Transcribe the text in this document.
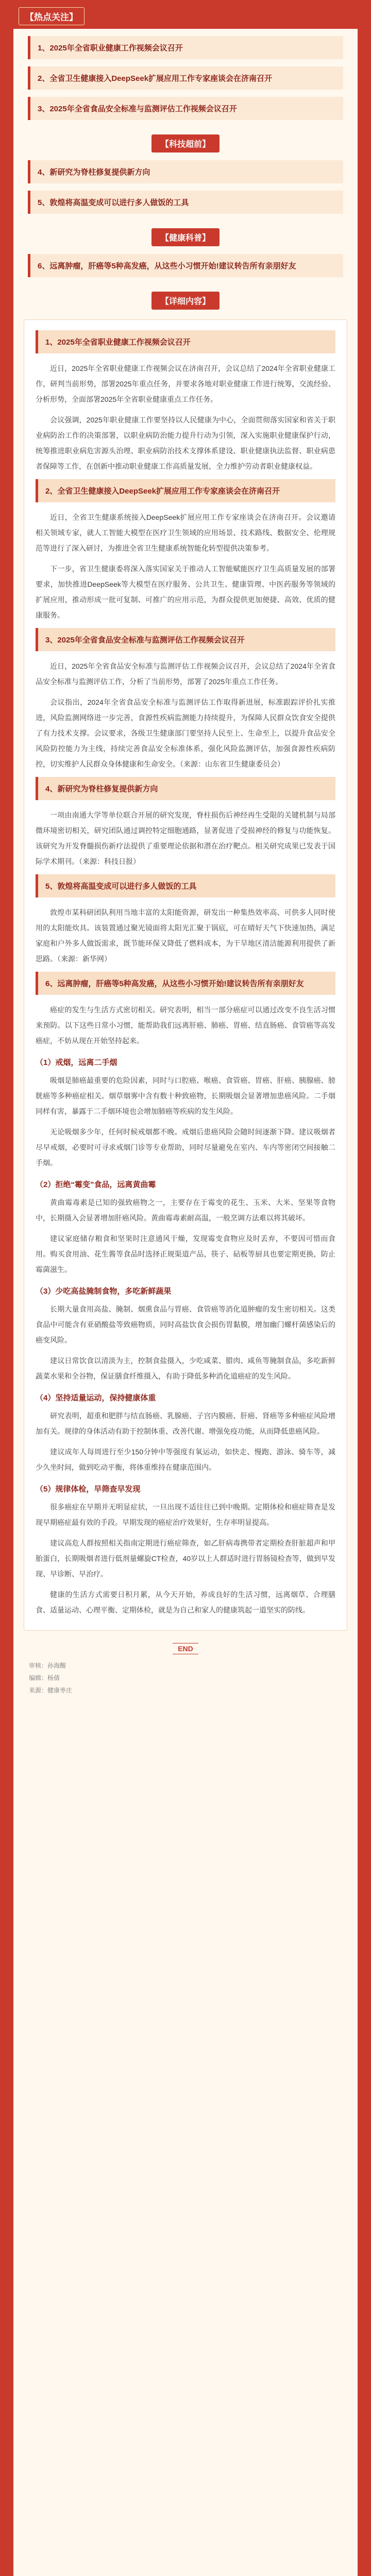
【热点关注】
1、2025年全省职业健康工作视频会议召开
2、全省卫生健康接入DeepSeek扩展应用工作专家座谈会在济南召开
3、2025年全省食品安全标准与监测评估工作视频会议召开
【科技超前】
4、新研究为脊柱修复提供新方向
5、敦煌将高温变成可以进行多人做饭的工具
【健康科普】
6、远离肿瘤，肝癌等5种高发癌，从这些小习惯开始!建议转告所有亲朋好友
【详细内容】
1、2025年全省职业健康工作视频会议召开

近日，2025年全省职业健康工作视频会议在济南召开，会议总结了2024年全省职业健康工作，研判当前形势，部署2025年重点任务，并要求各地对职业健康工作进行统筹，交流经验、分析形势，全面部署2025年全省职业健康重点工作任务。

会议强调，2025年职业健康工作要坚持以人民健康为中心，全面贯彻落实国家和省关于职业病防治工作的决策部署，以职业病防治能力提升行动为引领，深入实施职业健康保护行动，统筹推进职业病危害源头治理、职业病防治技术支撑体系建设、职业健康执法监督、职业病患者保障等工作，在创新中推动职业健康工作高质量发展，全力维护劳动者职业健康权益。

2、全省卫生健康接入DeepSeek扩展应用工作专家座谈会在济南召开

近日，全省卫生健康系统接入DeepSeek扩展应用工作专家座谈会在济南召开。会议邀请相关领域专家，就人工智能大模型在医疗卫生领域的应用场景、技术路线、数据安全、伦理规范等进行了深入研讨，为推进全省卫生健康系统智能化转型提供决策参考。

下一步，省卫生健康委将深入落实国家关于推动人工智能赋能医疗卫生高质量发展的部署要求，加快推进DeepSeek等大模型在医疗服务、公共卫生、健康管理、中医药服务等领域的扩展应用，推动形成一批可复制、可推广的应用示范，为群众提供更加便捷、高效、优质的健康服务。

3、2025年全省食品安全标准与监测评估工作视频会议召开

近日，2025年全省食品安全标准与监测评估工作视频会议召开，会议总结了2024年全省食品安全标准与监测评估工作，分析了当前形势，部署了2025年重点工作任务。

会议指出，2024年全省食品安全标准与监测评估工作取得新进展，标准跟踪评价扎实推进，风险监测网络进一步完善，食源性疾病监测能力持续提升，为保障人民群众饮食安全提供了有力技术支撑。会议要求，各级卫生健康部门要坚持人民至上、生命至上，以提升食品安全风险防控能力为主线，持续完善食品安全标准体系，强化风险监测评估，加强食源性疾病防控，切实维护人民群众身体健康和生命安全。（来源：山东省卫生健康委员会）

4、新研究为脊柱修复提供新方向

一项由南通大学等单位联合开展的研究发现，脊柱损伤后神经再生受限的关键机制与局部微环境密切相关，研究团队通过调控特定细胞通路，显著促进了受损神经的修复与功能恢复。该研究为开发脊髓损伤新疗法提供了重要理论依据和潜在治疗靶点。相关研究成果已发表于国际学术期刊。（来源：科技日报）

5、敦煌将高温变成可以进行多人做饭的工具

敦煌市某科研团队利用当地丰富的太阳能资源，研发出一种集热效率高、可供多人同时使用的太阳能炊具。该装置通过聚光镜面将太阳光汇聚于锅底，可在晴好天气下快速加热，满足家庭和户外多人做饭需求，既节能环保又降低了燃料成本，为干旱地区清洁能源利用提供了新思路。（来源：新华网）

6、远离肿瘤，肝癌等5种高发癌，从这些小习惯开始!建议转告所有亲朋好友

癌症的发生与生活方式密切相关。研究表明，相当一部分癌症可以通过改变不良生活习惯来预防。以下这些日常小习惯，能帮助我们远离肝癌、肺癌、胃癌、结直肠癌、食管癌等高发癌症，不妨从现在开始坚持起来。

（1）戒烟，远离二手烟

吸烟是肺癌最重要的危险因素，同时与口腔癌、喉癌、食管癌、胃癌、肝癌、胰腺癌、膀胱癌等多种癌症相关。烟草烟雾中含有数十种致癌物，长期吸烟会显著增加患癌风险。二手烟同样有害，暴露于二手烟环境也会增加肺癌等疾病的发生风险。

无论吸烟多少年，任何时候戒烟都不晚。戒烟后患癌风险会随时间逐渐下降。建议吸烟者尽早戒烟，必要时可寻求戒烟门诊等专业帮助，同时尽量避免在室内、车内等密闭空间接触二手烟。

（2）拒绝“霉变”食品，远离黄曲霉

黄曲霉毒素是已知的强致癌物之一，主要存在于霉变的花生、玉米、大米、坚果等食物中，长期摄入会显著增加肝癌风险。黄曲霉毒素耐高温，一般烹调方法难以将其破坏。

建议家庭储存粮食和坚果时注意通风干燥，发现霉变食物应及时丢弃，不要因可惜而食用。购买食用油、花生酱等食品时选择正规渠道产品，筷子、砧板等厨具也要定期更换，防止霉菌滋生。

（3）少吃高盐腌制食物，多吃新鲜蔬果

长期大量食用高盐、腌制、烟熏食品与胃癌、食管癌等消化道肿瘤的发生密切相关。这类食品中可能含有亚硝酸盐等致癌物质，同时高盐饮食会损伤胃黏膜，增加幽门螺杆菌感染后的癌变风险。

建议日常饮食以清淡为主，控制食盐摄入，少吃咸菜、腊肉、咸鱼等腌制食品，多吃新鲜蔬菜水果和全谷物，保证膳食纤维摄入，有助于降低多种消化道癌症的发生风险。

（4）坚持适量运动，保持健康体重

研究表明，超重和肥胖与结直肠癌、乳腺癌、子宫内膜癌、肝癌、肾癌等多种癌症风险增加有关。规律的身体活动有助于控制体重、改善代谢、增强免疫功能，从而降低患癌风险。

建议成年人每周进行至少150分钟中等强度有氧运动，如快走、慢跑、游泳、骑车等，减少久坐时间，做到吃动平衡，将体重维持在健康范围内。

（5）规律体检，早筛查早发现

很多癌症在早期并无明显症状，一旦出现不适往往已到中晚期。定期体检和癌症筛查是发现早期癌症最有效的手段。早期发现的癌症治疗效果好，生存率明显提高。

建议高危人群按照相关指南定期进行癌症筛查，如乙肝病毒携带者定期检查肝脏超声和甲胎蛋白，长期吸烟者进行低剂量螺旋CT检查，40岁以上人群适时进行胃肠镜检查等，做到早发现、早诊断、早治疗。

健康的生活方式需要日积月累，从今天开始，养成良好的生活习惯，远离烟草、合理膳食、适量运动、心理平衡、定期体检，就是为自己和家人的健康筑起一道坚实的防线。

END
审核：孙海醒
编辑：杨倩
来源：健康枣庄
